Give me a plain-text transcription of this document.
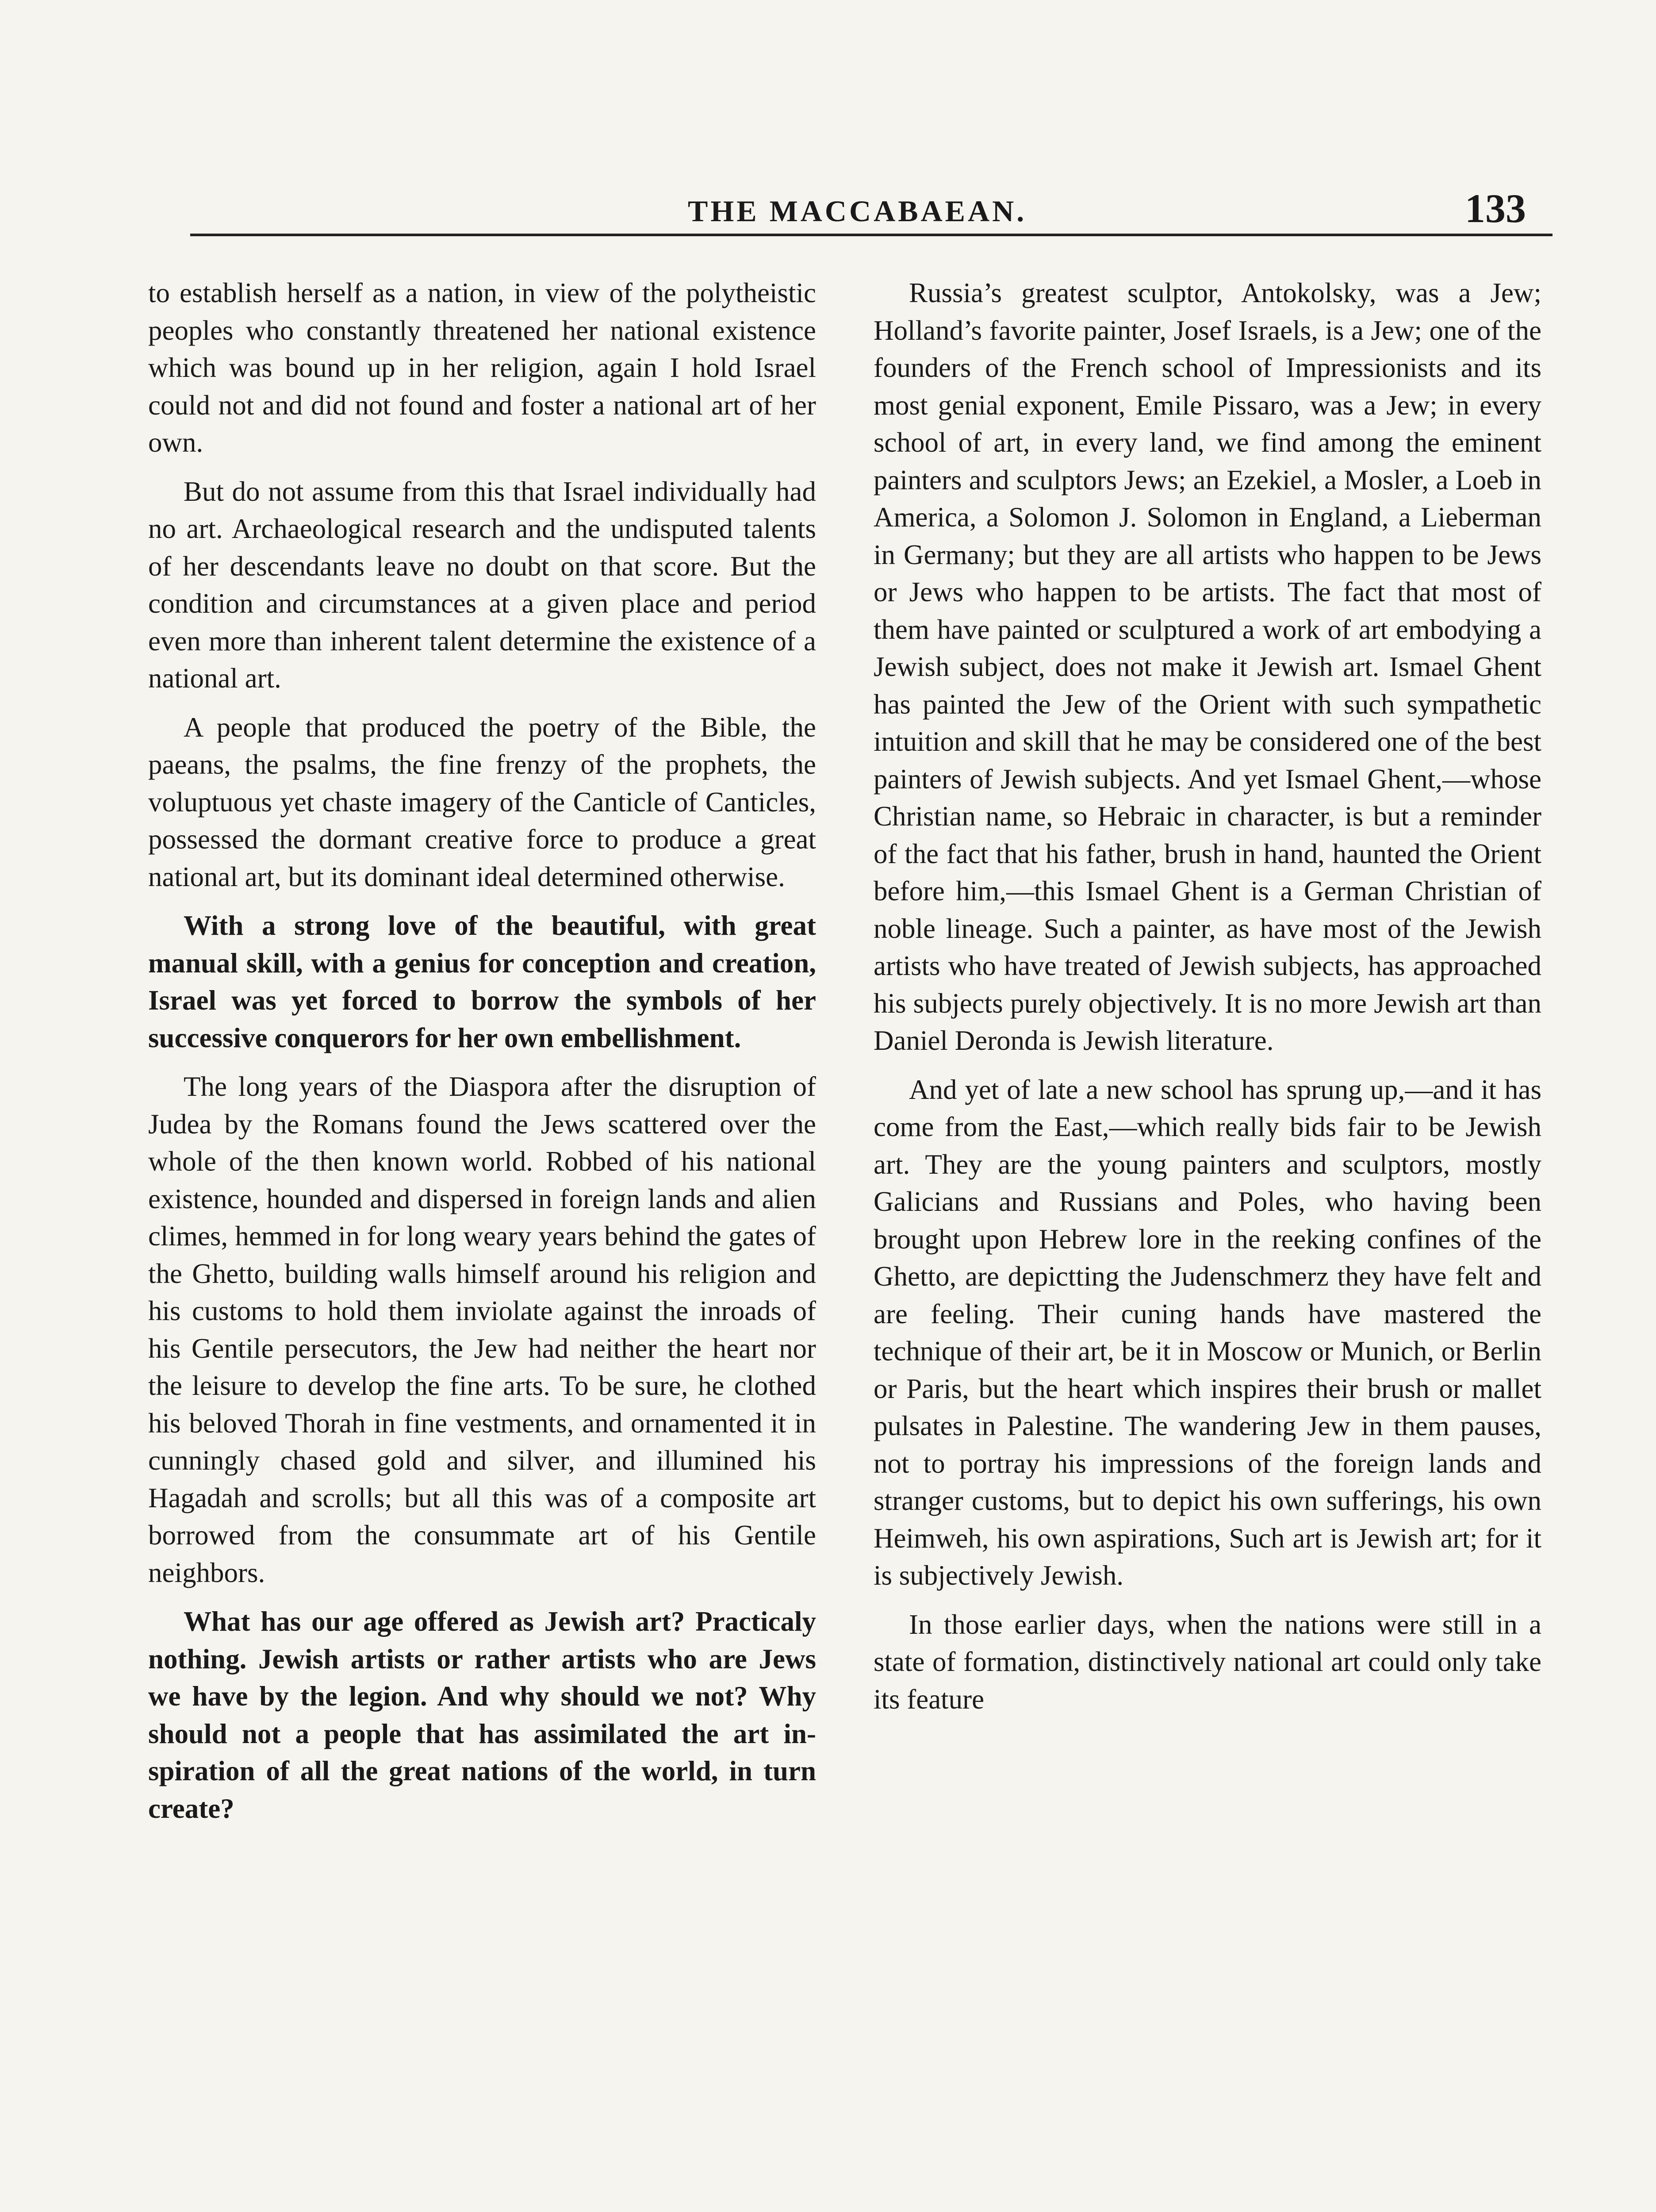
THE MACCABAEAN.	133

to establish herself as a nation, in view of the polytheistic peoples who constantly threatened her national existence which was bound up in her religion, again I hold Israel could not and did not found and foster a national art of her own.

But do not assume from this that Israel individually had no art. Archaeological research and the undisputed talents of her descendants leave no doubt on that score. But the condition and circumstances at a given place and period even more than inherent talent determine the existence of a national art.

A people that produced the poetry of the Bible, the paeans, the psalms, the fine frenzy of the prophets, the voluptuous yet chaste imagery of the Canticle of Canticles, possessed the dormant creative force to produce a great national art, but its dominant ideal determined otherwise.

With a strong love of the beautiful, with great manual skill, with a genius for conception and creation, Israel was yet forced to borrow the symbols of her successive conquerors for her own embellishment.

The long years of the Diaspora after the disruption of Judea by the Romans found the Jews scattered over the whole of the then known world. Robbed of his national existence, hounded and dispersed in foreign lands and alien climes, hemmed in for long weary years behind the gates of the Ghetto, building walls himself around his religion and his customs to hold them inviolate against the inroads of his Gentile persecutors, the Jew had neither the heart nor the leisure to develop the fine arts. To be sure, he clothed his beloved Thorah in fine vestments, and ornamented it in cunningly chased gold and silver, and illumined his Hagadah and scrolls; but all this was of a composite art borrowed from the consummate art of his Gentile neighbors.

What has our age offered as Jewish art? Practicaly nothing. Jewish artists or rather artists who are Jews we have by the legion. And why should we not? Why should not a people that has assimilated the art inspiration of all the great nations of the world, in turn create?

Russia’s greatest sculptor, Antokolsky, was a Jew; Holland’s favorite painter, Josef Israels, is a Jew; one of the founders of the French school of Impressionists and its most genial exponent, Emile Pissaro, was a Jew; in every school of art, in every land, we find among the eminent painters and sculptors Jews; an Ezekiel, a Mosler, a Loeb in America, a Solomon J. Solomon in England, a Lieberman in Germany; but they are all artists who happen to be Jews or Jews who happen to be artists. The fact that most of them have painted or sculptured a work of art embodying a Jewish subject, does not make it Jewish art. Ismael Ghent has painted the Jew of the Orient with such sympathetic intuition and skill that he may be considered one of the best painters of Jewish subjects. And yet Ismael Ghent,—whose Christian name, so Hebraic in character, is but a reminder of the fact that his father, brush in hand, haunted the Orient before him,—this Ismael Ghent is a German Christian of noble lineage. Such a painter, as have most of the Jewish artists who have treated of Jewish subjects, has approached his subjects purely objectively. It is no more Jewish art than Daniel Deronda is Jewish literature.

And yet of late a new school has sprung up,—and it has come from the East,—which really bids fair to be Jewish art. They are the young painters and sculptors, mostly Galicians and Russians and Poles, who having been brought upon Hebrew lore in the reeking confines of the Ghetto, are depictting the Judenschmerz they have felt and are feeling. Their cuning hands have mastered the technique of their art, be it in Moscow or Munich, or Berlin or Paris, but the heart which inspires their brush or mallet pulsates in Palestine. The wandering Jew in them pauses, not to portray his impressions of the foreign lands and stranger customs, but to depict his own sufferings, his own Heimweh, his own aspirations, Such art is Jewish art; for it is subjectively Jewish.

In those earlier days, when the nations were still in a state of formation, distinctively national art could only take its feature
